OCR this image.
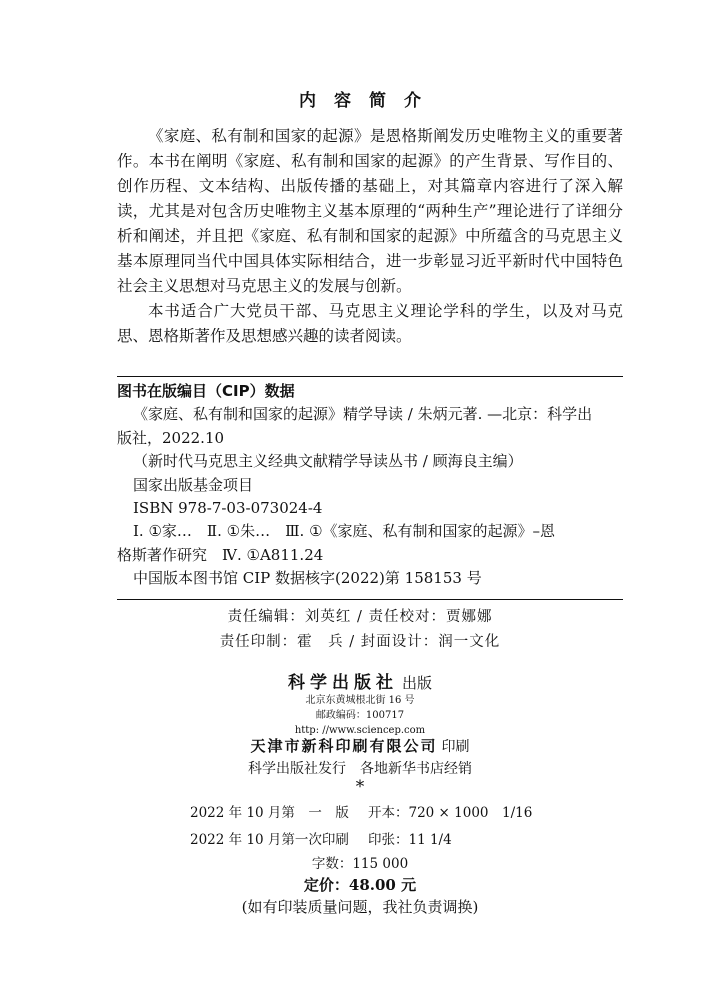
内容简介

《家庭、私有制和国家的起源》是恩格斯阐发历史唯物主义的重要著作。本书在阐明《家庭、私有制和国家的起源》的产生背景、写作目的、创作历程、文本结构、出版传播的基础上，对其篇章内容进行了深入解读，尤其是对包含历史唯物主义基本原理的“两种生产”理论进行了详细分析和阐述，并且把《家庭、私有制和国家的起源》中所蕴含的马克思主义基本原理同当代中国具体实际相结合，进一步彰显习近平新时代中国特色社会主义思想对马克思主义的发展与创新。

本书适合广大党员干部、马克思主义理论学科的学生，以及对马克思、恩格斯著作及思想感兴趣的读者阅读。

图书在版编目（CIP）数据
《家庭、私有制和国家的起源》精学导读 / 朱炳元著. —北京：科学出
版社，2022.10
（新时代马克思主义经典文献精学导读丛书 / 顾海良主编）
国家出版基金项目
ISBN 978-7-03-073024-4
Ⅰ. ①家…　Ⅱ. ①朱…　Ⅲ. ①《家庭、私有制和国家的起源》–恩
格斯著作研究　Ⅳ. ①A811.24
中国版本图书馆 CIP 数据核字(2022)第 158153 号
责任编辑：刘英红 / 责任校对：贾娜娜
责任印制：霍　兵 / 封面设计：润一文化
科学出版社 出版
北京东黄城根北街 16 号
邮政编码：100717
http: //www.sciencep.com
天津市新科印刷有限公司 印刷
科学出版社发行　各地新华书店经销
*
2022 年 10 月第　一　版 开本：720 × 1000　1/16
2022 年 10 月第一次印刷 印张：11 1/4
字数：115 000
定价：48.00 元
(如有印装质量问题，我社负责调换)
